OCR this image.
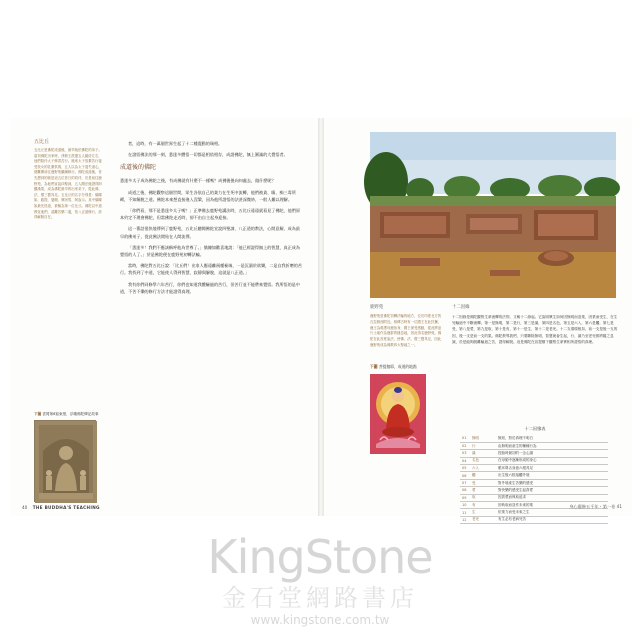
五比丘
五比丘是佛陀成道後，最早皈依佛陀的弟子。當初佛陀出家時，淨飯王派遣五人隨侍左右，他們陪伴太子修習苦行。後來太子放棄苦行接受牧女的乳糜供養，五人以為太子退失道心，便離開前往鹿野苑繼續修行。佛陀成道後，首先想到的就是這五位昔日的同伴，於是前往鹿野苑，為他們宣說四聖諦，五人聞法後證得阿羅漢果，成為佛陀最早的出家弟子，從此佛、法、僧三寶具足。五比丘的名字分別是：憍陳如、跋提、婆頗、摩訶男、阿說示。其中憍陳如最先悟道，被稱為第一位比丘。佛陀以中道教化他們，遠離苦樂二邊，依八正道修行，終得解脫自在。
下圖 雲岡第6窟東壁，浮雕佛陀傳記故事

者，這時，有一萬個世界生起了十二種震動的瑞相。

在證悟佛法的那一刻，悉達多體悟一切都是相依相存，成證佛陀，無上圓滿的大覺悟者。

成道後的佛陀

悉達多太子成為佛陀之後，有成佛就有什麼不一樣嗎？成佛後後向何處去，做什麼呢？

成道之後，佛陀觀察這個世間，眾生各依自己的業力在生死中流轉，他們被貪、瞋、痴三毒所縛，不知解脫之道。佛陀本來想直接進入涅槃，因為他所證悟的法甚深微妙，一般人難以理解。

「你們看，那不是悉達多太子嗎？」正準備去鹿野苑講法時，五比丘遠遠就看見了佛陀，他們原本約定不理會佛陀，但當佛陀走近時，卻不由自主起身迎接。

這一番話很快地傳到了鹿野苑，五比丘聽聞佛陀宣說四聖諦、八正道的教法，心開意解，成為最早的佛弟子，從此佛法開始在人間流傳。

「悉達多！我們不應該稱呼他為世尊了。」憍陳如歡喜地說：「他已經證得無上的智慧，真正成為覺悟的人了。」於是佛陀便在鹿野苑初轉法輪。

當時，佛陀對五比丘說：「比丘們！出家人應遠離兩種極端，一是沉溺於欲樂，二是自我折磨的苦行。我找到了中道，它能使人得到智慧、寂靜與解脫，這就是八正道。」

我有你們同修學六年苦行，你們也知道我體驗過的苦行，但苦行並不能帶來覺悟。我所悟的是中道，不苦不樂的修行方法才能證得真理。

40 THE BUDDHA'S TEACHING
鹿野苑
鹿野苑是佛陀初轉法輪的地方，位於印度北方的瓦拉納西附近。相傳古時有一位國王在此狩獵，鹿王為救護母鹿捨身，國王深受感動，從此將這片土地作為鹿群的棲息地，因此得名鹿野苑。佛陀在此首度說法，使佛、法、僧三寶具足，因此鹿野苑成為佛教四大聖地之一。
下圖 菩提伽耶，成道的地點
十二因緣
十二因緣是佛陀觀察生命流轉的法則，又稱十二緣起。它說明眾生如何因無明而造業，因業而受生，在生死輪迴中不斷流轉。第一是無明，第二是行，第三是識，第四是名色，第五是六入，第六是觸，第七是受，第八是愛，第九是取，第十是有，第十一是生，第十二是老死。十二支環環相扣，前一支是後一支的因，後一支是前一支的果。佛陀教導我們，只要斷除無明，智慧就會生起，行、識乃至老死都將隨之息滅，於是能夠脫離輪迴之苦，證得解脫。這是佛陀在菩提樹下觀察生命實相所證悟的真理。
十二因緣表
01	無明	無知，對於真理不明白
02	行	由無明而產生的種種行為
03	識	投胎時最初的一念心識
04	名色	在母胎中逐漸形成的身心
05	六入	眼耳鼻舌身意六根具足
06	觸	出生後六根接觸外境
07	受	對外境產生苦樂的感受
08	愛	對快樂的感受生起貪愛
09	取	因貪愛而執取追求
10	有	因執取而造作未來的業
11	生	依業力而受未來之生
12	老死	有生必有老病死苦
身心靈修五千年・第一卷 41
KingStone
金石堂網路書店
www.kingstone.com.tw
